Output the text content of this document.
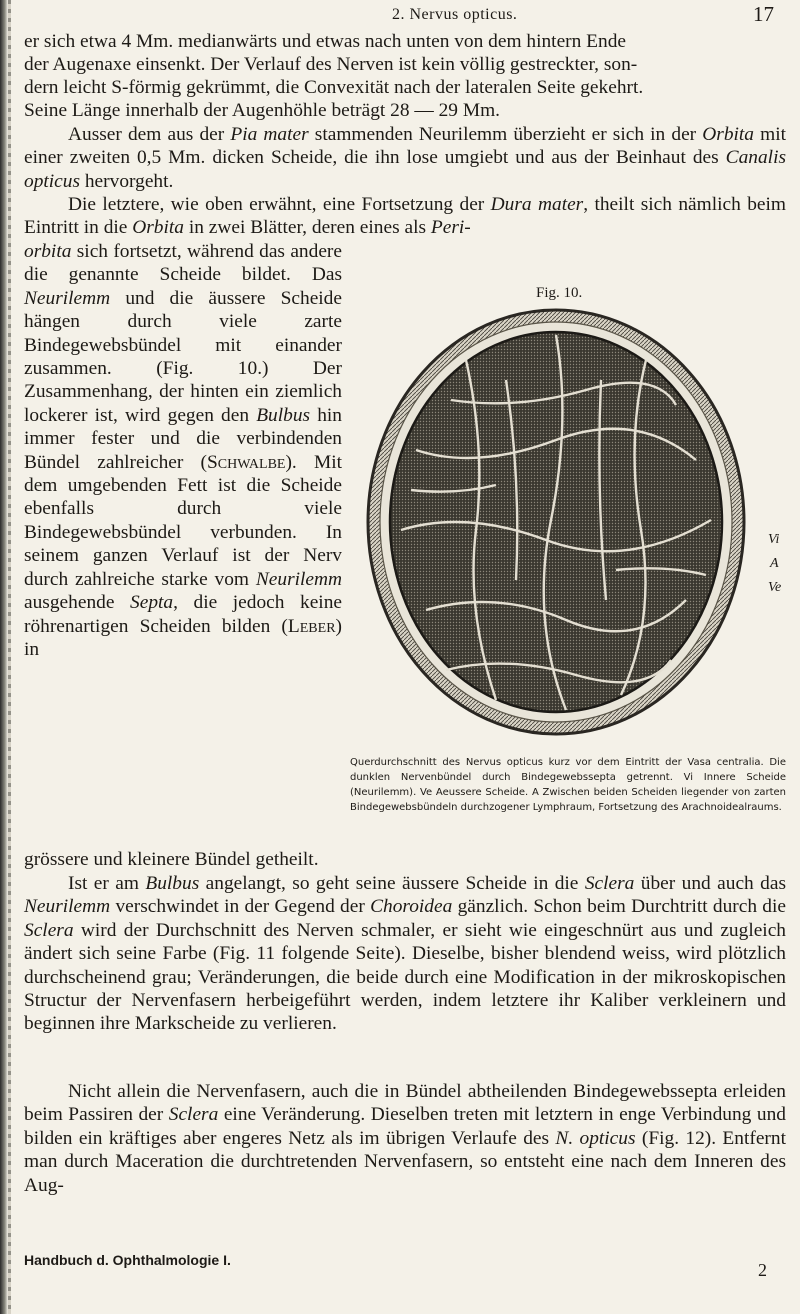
2. Nervus opticus.	17

er sich etwa 4 Mm. medianwärts und etwas nach unten von dem hintern Ende

der Augenaxe einsenkt. Der Verlauf des Nerven ist kein völlig gestreckter, son-

dern leicht S-förmig gekrümmt, die Convexität nach der lateralen Seite gekehrt.

Seine Länge innerhalb der Augenhöhle beträgt 28 — 29 Mm.

Ausser dem aus der Pia mater stammenden Neurilemm überzieht er sich in der Orbita mit einer zweiten 0,5 Mm. dicken Scheide, die ihn lose umgiebt und aus der Beinhaut des Canalis opticus hervorgeht.

Die letztere, wie oben erwähnt, eine Fortsetzung der Dura mater, theilt sich nämlich beim Eintritt in die Orbita in zwei Blätter, deren eines als Peri-

orbita sich fortsetzt, während das andere die genannte Scheide bildet. Das Neurilemm und die äussere Scheide hängen durch viele zarte Bindegewebsbündel mit einander zusammen. (Fig. 10.) Der Zusammenhang, der hinten ein ziemlich lockerer ist, wird gegen den Bulbus hin immer fester und die verbindenden Bündel zahlreicher (Schwalbe). Mit dem umgebenden Fett ist die Scheide ebenfalls durch viele Bindegewebsbündel verbunden. In seinem ganzen Verlauf ist der Nerv durch zahlreiche starke vom Neurilemm ausgehende Septa, die jedoch keine röhrenartigen Scheiden bilden (Leber) in

Fig. 10.
Vi
A
Ve

Querdurchschnitt des Nervus opticus kurz vor dem Eintritt der Vasa centralia. Die dunklen Nervenbündel durch Bindegewebssepta getrennt. Vi Innere Scheide (Neurilemm). Ve Aeussere Scheide. A Zwischen beiden Scheiden liegender von zarten Bindegewebsbündeln durchzogener Lymphraum, Fortsetzung des Arachnoidealraums.

grössere und kleinere Bündel getheilt.

Ist er am Bulbus angelangt, so geht seine äussere Scheide in die Sclera über und auch das Neurilemm verschwindet in der Gegend der Choroidea gänzlich. Schon beim Durchtritt durch die Sclera wird der Durchschnitt des Nerven schmaler, er sieht wie eingeschnürt aus und zugleich ändert sich seine Farbe (Fig. 11 folgende Seite). Dieselbe, bisher blendend weiss, wird plötzlich durchscheinend grau; Veränderungen, die beide durch eine Modification in der mikroskopischen Structur der Nervenfasern herbeigeführt werden, indem letztere ihr Kaliber verkleinern und beginnen ihre Markscheide zu verlieren.

Nicht allein die Nervenfasern, auch die in Bündel abtheilenden Bindegewebssepta erleiden beim Passiren der Sclera eine Veränderung. Dieselben treten mit letztern in enge Verbindung und bilden ein kräftiges aber engeres Netz als im übrigen Verlaufe des N. opticus (Fig. 12). Entfernt man durch Maceration die durchtretenden Nervenfasern, so entsteht eine nach dem Inneren des Aug-

Handbuch d. Ophthalmologie I.	2
